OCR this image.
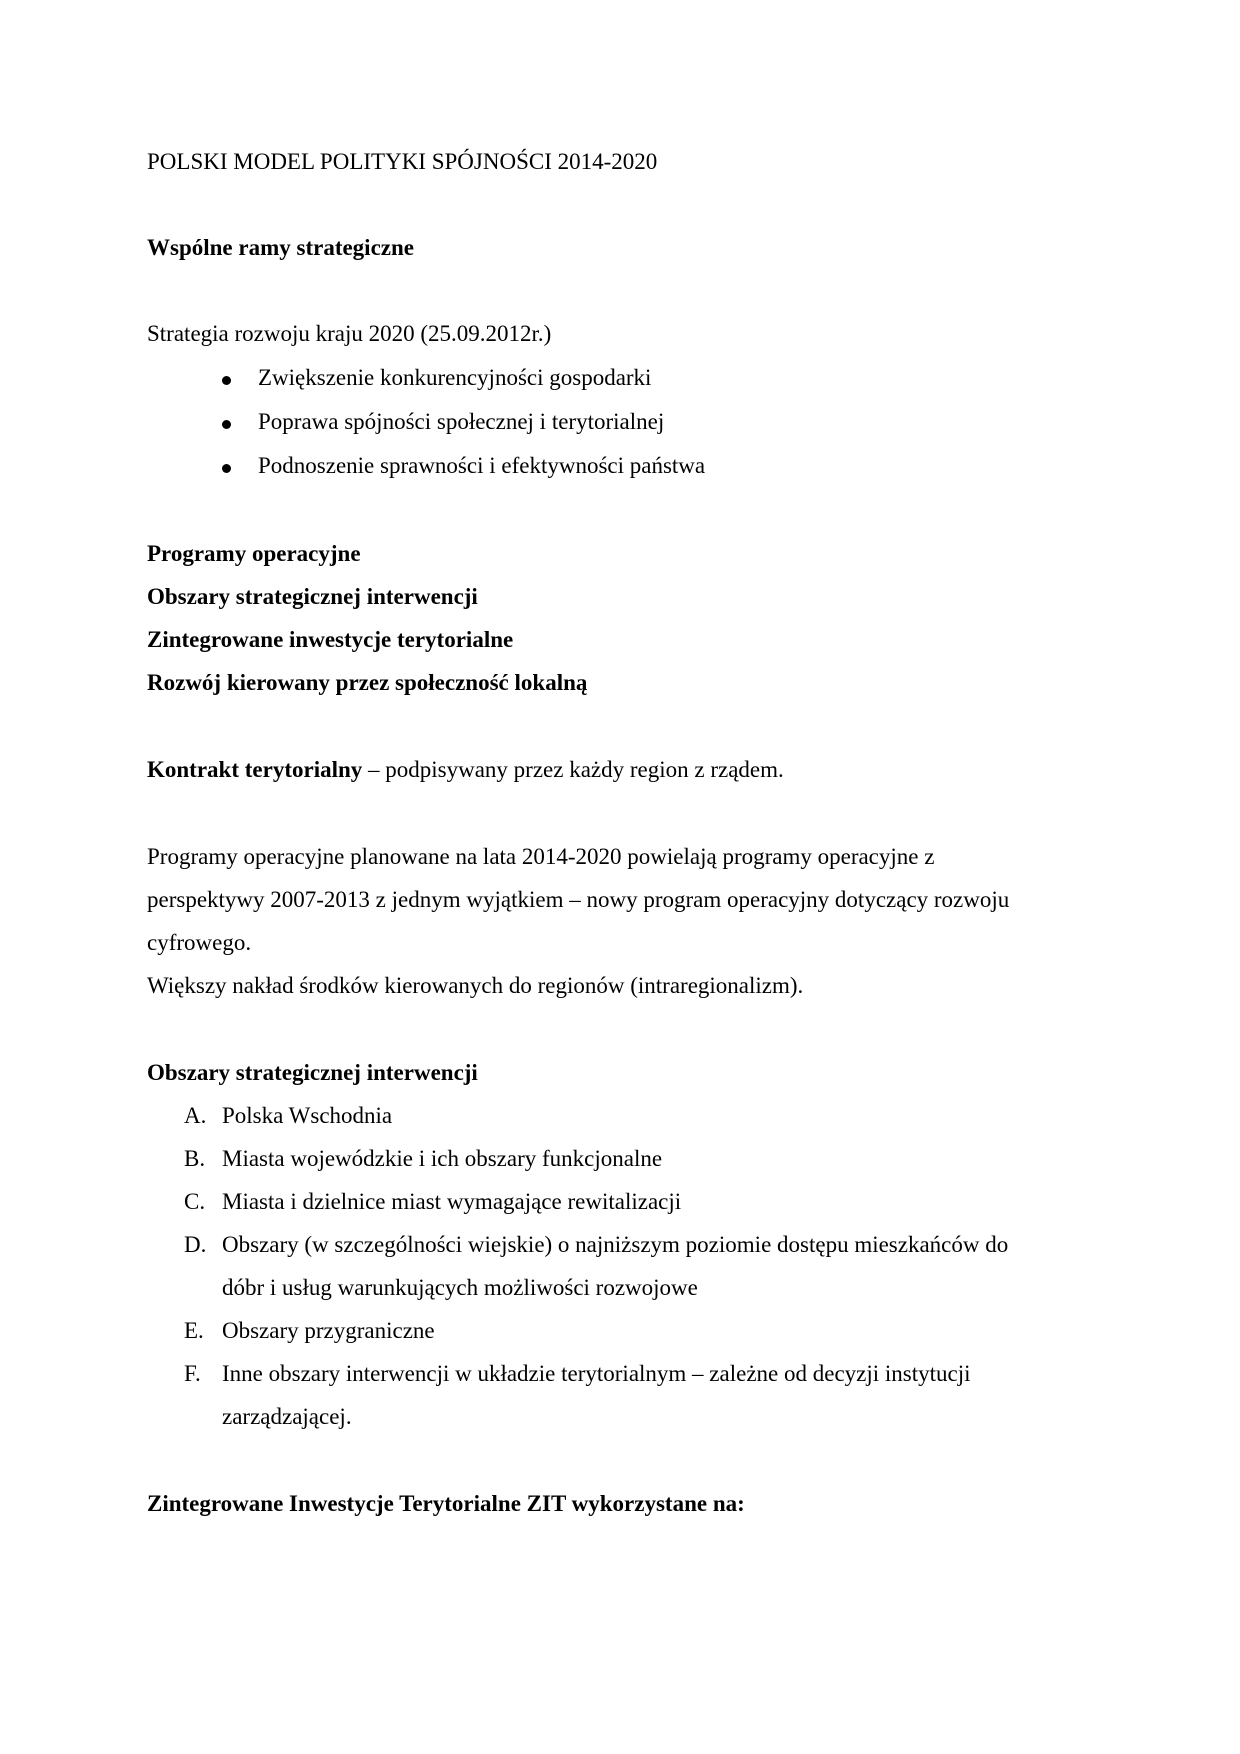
POLSKI MODEL POLITYKI SPÓJNOŚCI 2014-2020
Wspólne ramy strategiczne
Strategia rozwoju kraju 2020 (25.09.2012r.)
Zwiększenie konkurencyjności gospodarki
Poprawa spójności społecznej i terytorialnej
Podnoszenie sprawności i efektywności państwa
Programy operacyjne
Obszary strategicznej interwencji
Zintegrowane inwestycje terytorialne
Rozwój kierowany przez społeczność lokalną
Kontrakt terytorialny – podpisywany przez każdy region z rządem.
Programy operacyjne planowane na lata 2014-2020 powielają programy operacyjne z
perspektywy 2007-2013 z jednym wyjątkiem – nowy program operacyjny dotyczący rozwoju
cyfrowego.
Większy nakład środków kierowanych do regionów (intraregionalizm).
Obszary strategicznej interwencji
A. Polska Wschodnia
B. Miasta wojewódzkie i ich obszary funkcjonalne
C. Miasta i dzielnice miast wymagające rewitalizacji
D. Obszary (w szczególności wiejskie) o najniższym poziomie dostępu mieszkańców do
dóbr i usług warunkujących możliwości rozwojowe
E. Obszary przygraniczne
F. Inne obszary interwencji w układzie terytorialnym – zależne od decyzji instytucji
zarządzającej.
Zintegrowane Inwestycje Terytorialne ZIT wykorzystane na:
